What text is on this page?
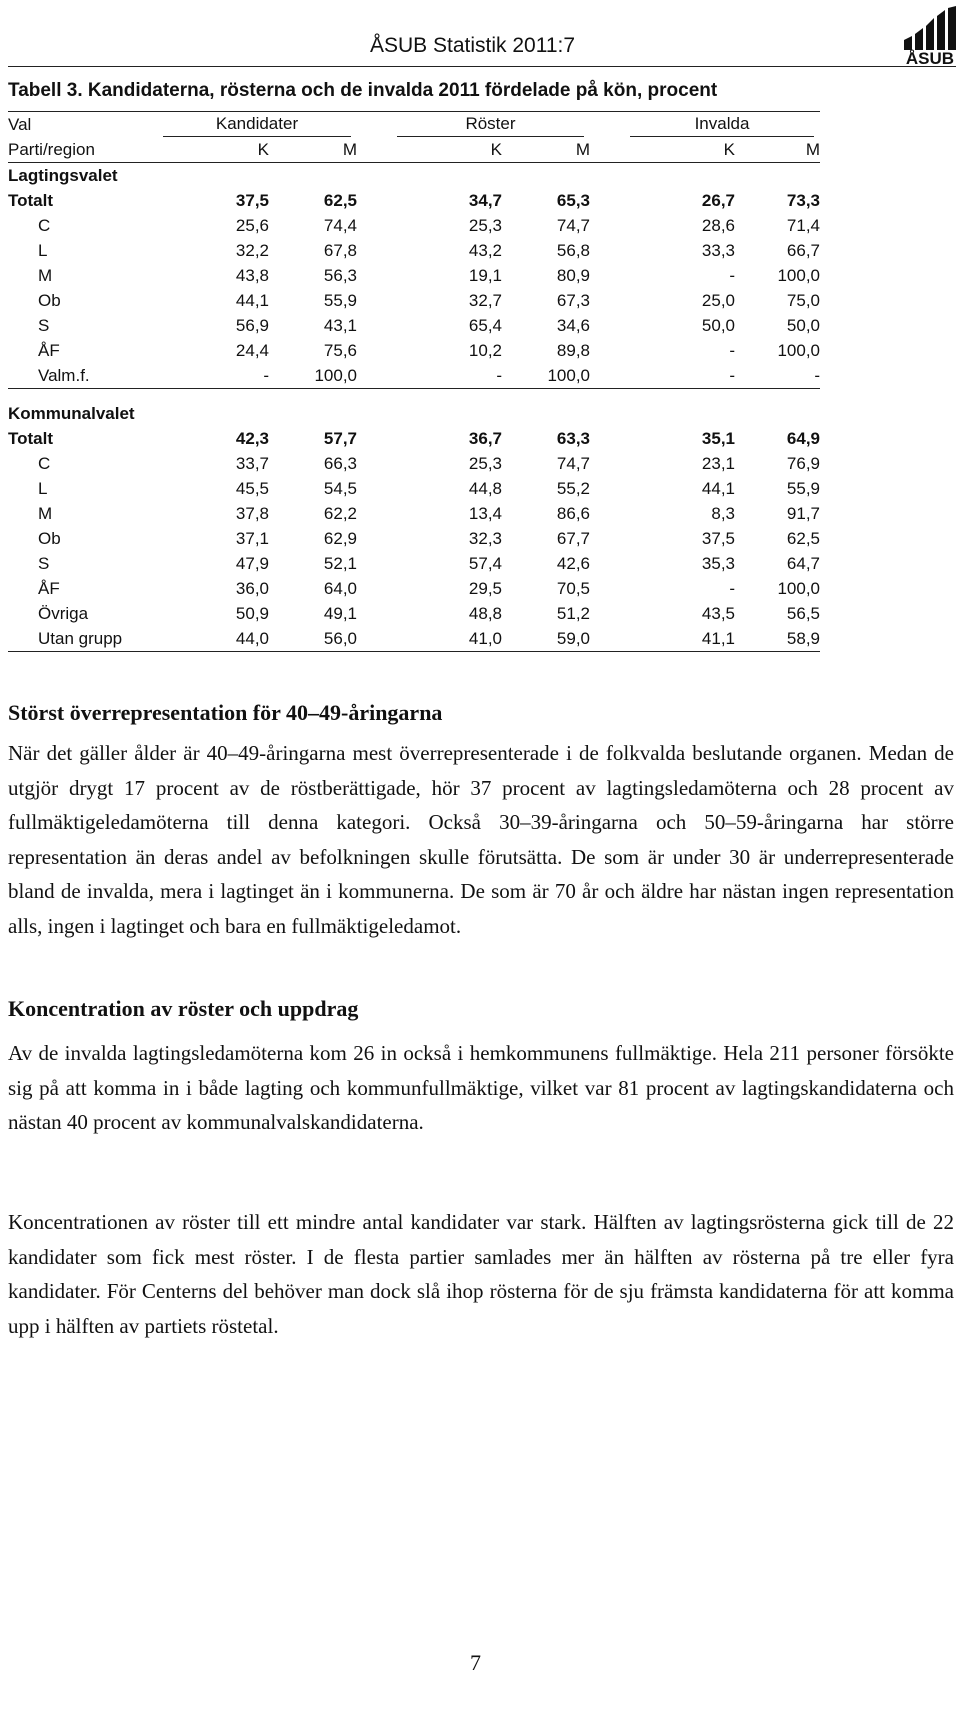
ÅSUB Statistik 2011:7
ÅSUB
Tabell 3. Kandidaterna, rösterna och de invalda 2011 fördelade på kön, procent
Val	Kandidater		Röster		Invalda	

Parti/region	K	M	K	M	K	M
Lagtingsvalet						
Totalt	37,5	62,5	34,7	65,3	26,7	73,3
C	25,6	74,4	25,3	74,7	28,6	71,4
L	32,2	67,8	43,2	56,8	33,3	66,7
M	43,8	56,3	19,1	80,9	-	100,0
Ob	44,1	55,9	32,7	67,3	25,0	75,0
S	56,9	43,1	65,4	34,6	50,0	50,0
ÅF	24,4	75,6	10,2	89,8	-	100,0
Valm.f.	-	100,0	-	100,0	-	-

Kommunalvalet						
Totalt	42,3	57,7	36,7	63,3	35,1	64,9
C	33,7	66,3	25,3	74,7	23,1	76,9
L	45,5	54,5	44,8	55,2	44,1	55,9
M	37,8	62,2	13,4	86,6	8,3	91,7
Ob	37,1	62,9	32,3	67,7	37,5	62,5
S	47,9	52,1	57,4	42,6	35,3	64,7
ÅF	36,0	64,0	29,5	70,5	-	100,0
Övriga	50,9	49,1	48,8	51,2	43,5	56,5
Utan grupp	44,0	56,0	41,0	59,0	41,1	58,9
Störst överrepresentation för 40–49-åringarna
När det gäller ålder är 40–49-åringarna mest överrepresenterade i de folkvalda beslutande organen. Medan de utgjör drygt 17 procent av de röstberättigade, hör 37 procent av lagtingsledamöterna och 28 procent av fullmäktigeledamöterna till denna kategori. Också 30–39-åringarna och 50–59-åringarna har större representation än deras andel av befolkningen skulle förutsätta. De som är under 30 är underrepresenterade bland de invalda, mera i lagtinget än i kommunerna. De som är 70 år och äldre har nästan ingen representation alls, ingen i lagtinget och bara en fullmäktigeledamot.
Koncentration av röster och uppdrag
Av de invalda lagtingsledamöterna kom 26 in också i hemkommunens fullmäktige. Hela 211 personer försökte sig på att komma in i både lagting och kommunfullmäktige, vilket var 81 procent av lagtingskandidaterna och nästan 40 procent av kommunalvalskandidaterna.
Koncentrationen av röster till ett mindre antal kandidater var stark. Hälften av lagtingsrösterna gick till de 22 kandidater som fick mest röster. I de flesta partier samlades mer än hälften av rösterna på tre eller fyra kandidater. För Centerns del behöver man dock slå ihop rösterna för de sju främsta kandidaterna för att komma upp i hälften av partiets röstetal.
7
